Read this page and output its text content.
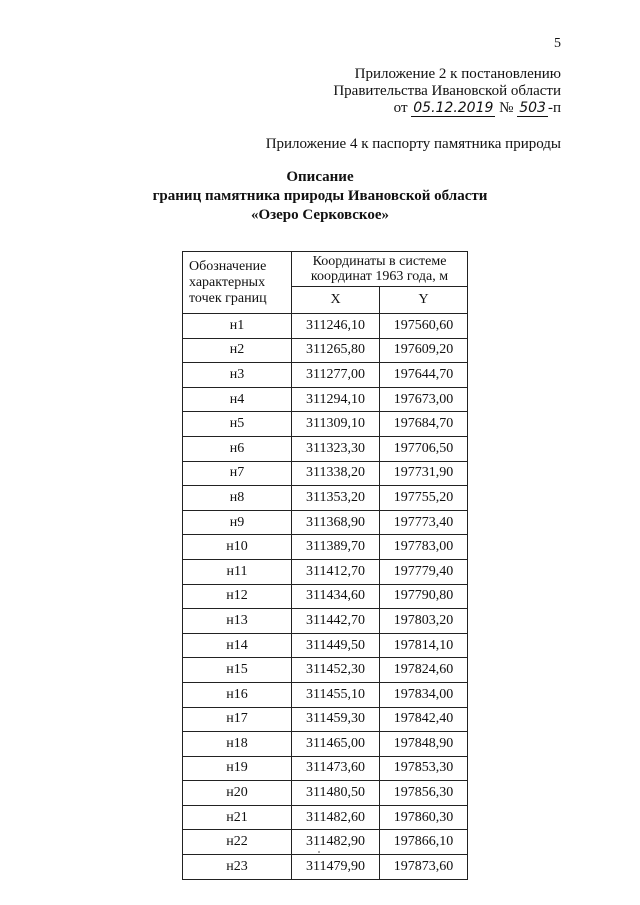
5
Приложение 2 к постановлению
Правительства Ивановской области
от 05.12.2019 № 503 -п
Приложение 4 к паспорту памятника природы
Описание
границ памятника природы Ивановской области
«Озеро Серковское»
Обозначение характерных точек границ	Координаты в системе координат 1963 года, м	
	X	Y
н1	311246,10	197560,60
н2	311265,80	197609,20
н3	311277,00	197644,70
н4	311294,10	197673,00
н5	311309,10	197684,70
н6	311323,30	197706,50
н7	311338,20	197731,90
н8	311353,20	197755,20
н9	311368,90	197773,40
н10	311389,70	197783,00
н11	311412,70	197779,40
н12	311434,60	197790,80
н13	311442,70	197803,20
н14	311449,50	197814,10
н15	311452,30	197824,60
н16	311455,10	197834,00
н17	311459,30	197842,40
н18	311465,00	197848,90
н19	311473,60	197853,30
н20	311480,50	197856,30
н21	311482,60	197860,30
н22	311482,90	197866,10
н23	311479,90	197873,60
